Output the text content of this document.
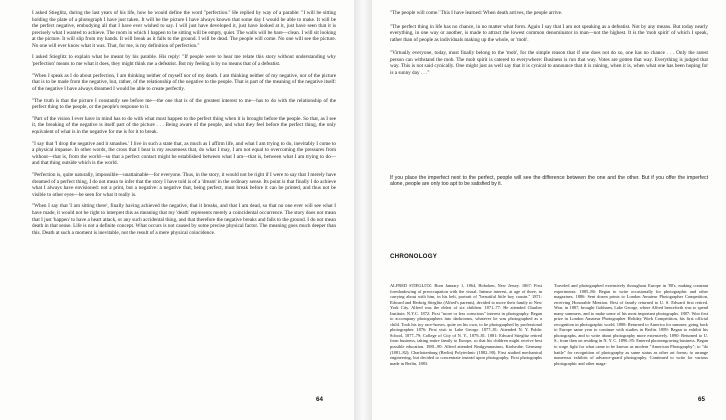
I asked Stieglitz, during the last years of his life, how he would define the word "perfection." He replied by way of a parable: "I will be sitting holding the plate of a photograph I have just taken. It will be the picture I have always known that some day I would be able to make. It will be the perfect negative, embodying all that I have ever wished to say. I will just have developed it, just have looked at it, just have seen that it is precisely what I wanted to achieve. The room in which I happen to be sitting will be empty, quiet. The walls will be bare—clean. I will sit looking at the picture. It will slip from my hands. It will break as it falls to the ground. I will be dead. The people will come. No one will see the picture. No one will ever know what it was. That, for me, is my definition of perfection."

I asked Stieglitz to explain what he meant by his parable. His reply: "If people were to hear me relate this story without understanding why 'perfection' means to me what it does, they might think me a defeatist. But my feeling is by no means that of a defeatist.

"When I speak as I do about perfection, I am thinking neither of myself nor of my death. I am thinking neither of my negative, nor of the picture that is to be made from the negative, but, rather, of the relationship of the negative to the people. That is part of the meaning of the negative itself: of the negative I have always dreamed I would be able to create perfectly.

"The truth is that the picture I constantly see before me—the one that is of the greatest interest to me—has to do with the relationship of the perfect thing to the people, or the people's response to it.

"Part of the vision I ever have in mind has to do with what must happen to the perfect thing when it is brought before the people. So that, as I see it, the breaking of the negative is itself part of the picture . . . Being aware of the people, and what they feel before the perfect thing, the only equivalent of what is in the negative for me is for it to break.

"I say that 'I drop the negative and it smashes.' I live in such a state that, as much as I affirm life, and what I am trying to do, inevitably I come to a physical impasse. In other words, the cross that I bear is my awareness that, do what I may, I am not equal to overcoming the pressures from without—that is, from the world—so that a perfect contact might be established between what I am—that is, between what I am trying to do—and that thing outside which is the world.

"Perfection is, quite naturally, impossible—unattainable—for everyone. Thus, in the story, it would not be right if I were to say that I merely have dreamed of a perfect thing, I do not mean to infer that the story I have told is of a 'dream' in the ordinary sense. Its point is that finally I do achieve what I always have envisioned: not a print, but a negative: a negative that, being perfect, must break before it can be printed, and thus not be visible to other eyes—be seen for what it really is.

"When I say that 'I am sitting there', finally having achieved the negative, that it breaks, and that I am dead, so that no one ever will see what I have made, it would not be right to interpret this as meaning that my 'death' represents merely a coincidental occurrence. The story does not mean that I just 'happen' to have a heart attack, or any such accidental thing, and that therefore the negative breaks and falls to the ground. I do not mean death in that sense. Life is not a definite concept. What occurs is not caused by some precise physical factor. The meaning goes much deeper than this. Death at such a moment is inevitable, not the result of a mere physical coincidence.

64

"The people will come.' This I have learned: When death arrives, the people arrive.

"The perfect thing in life has no chance, in no matter what form. Again I say that I am not speaking as a defeatist. Not by any means. But today nearly everything, in one way or another, is made to attract the lowest common denominator in man—not the highest. It is the 'mob spirit' of which I speak, rather than of people as individuals making up the whole, or 'mob'.

"Virtually everyone, today, must finally belong to the 'mob', for the simple reason that if one does not do so, one has no chance . . . Only the rarest person can withstand the mob. The mob spirit is catered to everywhere: Business is run that way. Votes are gotten that way. Everything is judged that way. This is not said cynically. One might just as well say that it is cynical to announce that it is raining, when it is, when what one has been hoping for is a sunny day . . ."

If you place the imperfect next to the perfect, people will see the difference between the one and the other. But if you offer the imperfect alone, people are only too apt to be satisfied by it.

CHRONOLOGY

ALFRED STIEGLITZ: Born January 1, 1864, Hoboken, New Jersey. 1867: First foreshadowing of preoccupation with the visual. Intense interest, at age of three, in carrying about with him, in his belt, portrait of "beautiful little boy cousin." 1871: Edward and Hedwig Stieglitz (Alfred's parents), decided to move their family to New York City. Alfred was the eldest of six children. 1871–77: He attended Charlier Institute, N.Y.C. 1872: First "more or less conscious" interest in photography. Began to accompany photographers into darkrooms, whatever he was photographed as a child. Took his toy race-horses, quite on his own, to be photographed by professional photographer. 1876: First visit to Lake George. 1877–81: Attended N. Y. Public School, 1877–79; College of City of N. Y., 1879–81. 1881: Edward Stieglitz retired from business, taking entire family to Europe, so that his children might receive best possible education. 1881–90: Alfred attended Realgymnasium, Karlsruhe, Germany (1881–82); Charlottenburg (Berlin) Polytechnic (1882–90). First studied mechanical engineering, but decided to concentrate instead upon photography. First photographs made in Berlin, 1883.

Traveled and photographed extensively throughout Europe in '80's, making constant experiments. 1885–86: Began to write occasionally for photographic and other magazines. 1886: Sent dozen prints to London Amateur Photographer Competition, receiving Honorable Mention. Rest of family returned to U. S. Edward first retired. Won, in 1887, brought Gokhaen, Lake George, where Alfred henceforth was to spend many summers, and to make some of his most important photographs. 1887: Won first prize in London Amateur Photographer Holiday Work Competition, his first official recognition in photographic world. 1888: Returned to America for summer, going back to Europe same year to continue with studies in Berlin. 1889: Began to exhibit his photographs, and to write about photography more extensively. 1890: Returned to U. S., from then on residing in N. Y. C. 1890–95: Entered photoengraving business. Began to wage fight for what came to be known as modern "American Photography"; to "do battle" for recognition of photography as same status as other art forms; to arrange numerous exhibits of advance-guard photography. Continued to write for various photographic and other maga-

65
